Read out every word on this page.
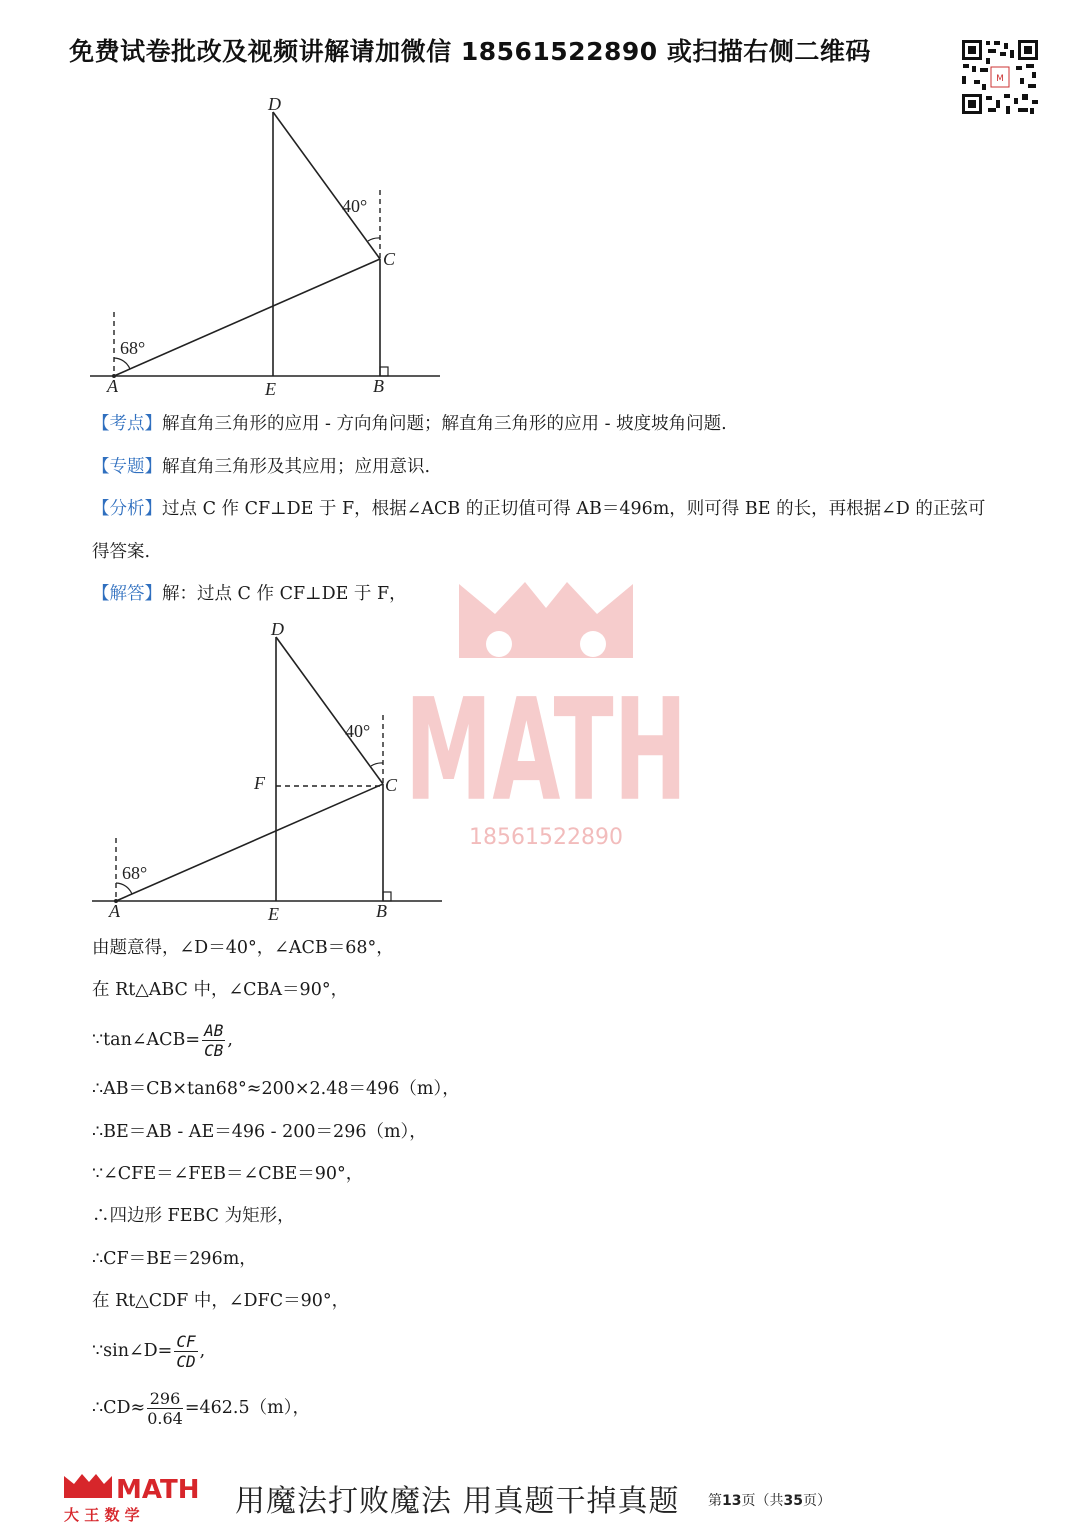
免费试卷批改及视频讲解请加微信 18561522890 或扫描右侧二维码
M
D
C
A	E	B
40°
68°
【考点】解直角三角形的应用 - 方向角问题；解直角三角形的应用 - 坡度坡角问题.
【专题】解直角三角形及其应用；应用意识.
【分析】过点 C 作 CF⊥DE 于 F，根据∠ACB 的正切值可得 AB＝496m，则可得 BE 的长，再根据∠D 的正弦可
得答案.
【解答】解：过点 C 作 CF⊥DE 于 F，
MATH
18561522890
D
C
F
A	E	B
40°
68°
由题意得，∠D＝40°，∠ACB＝68°，
在 Rt△ABC 中，∠CBA＝90°，
∵tan∠ACB= $\frac{AB}{CB}$ ,
∴AB＝CB×tan68°≈200×2.48＝496（m），
∴BE＝AB - AE＝496 - 200＝296（m），
∵∠CFE＝∠FEB＝∠CBE＝90°，
∴四边形 FEBC 为矩形，
∴CF＝BE＝296m，
在 Rt△CDF 中，∠DFC＝90°，
∵sin∠D= $\frac{CF}{CD}$ ,
∴CD≈ $\frac{296}{0.64} =462.5(m)$，
MATH
大 王 数 学	用魔法打败魔法 用真题干掉真题 第13页（共35页）
